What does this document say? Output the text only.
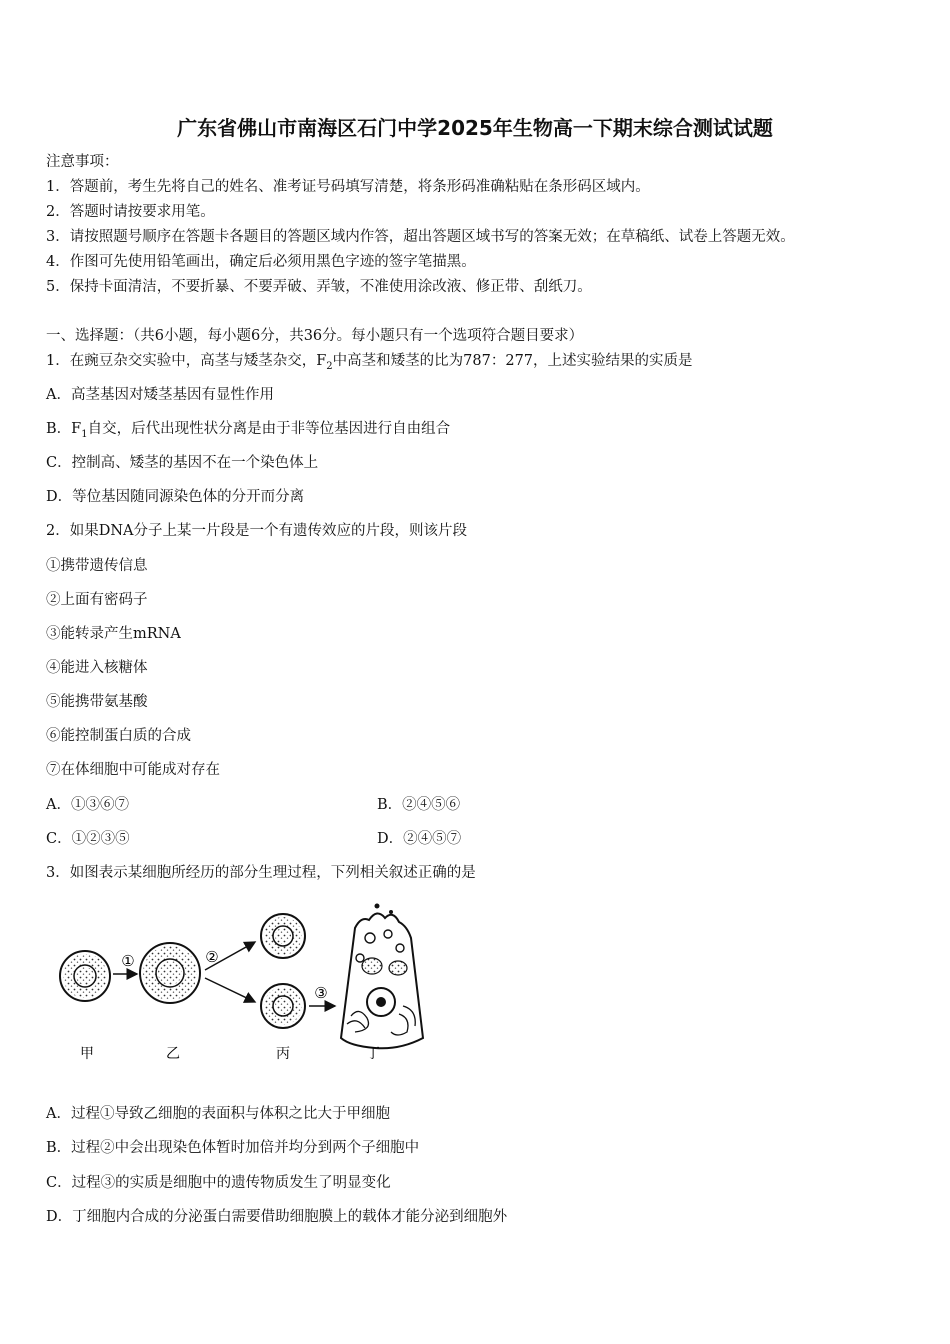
广东省佛山市南海区石门中学2025年生物高一下期末综合测试试题
注意事项：
1．答题前，考生先将自己的姓名、准考证号码填写清楚，将条形码准确粘贴在条形码区域内。
2．答题时请按要求用笔。
3．请按照题号顺序在答题卡各题目的答题区域内作答，超出答题区域书写的答案无效；在草稿纸、试卷上答题无效。
4．作图可先使用铅笔画出，确定后必须用黑色字迹的签字笔描黑。
5．保持卡面清洁，不要折暴、不要弄破、弄皱，不准使用涂改液、修正带、刮纸刀。
一、选择题：（共6小题，每小题6分，共36分。每小题只有一个选项符合题目要求）
1．在豌豆杂交实验中，高茎与矮茎杂交，$F_2$中高茎和矮茎的比为787：277，上述实验结果的实质是
A．高茎基因对矮茎基因有显性作用
B．$F_1$自交，后代出现性状分离是由于非等位基因进行自由组合
C．控制高、矮茎的基因不在一个染色体上
D．等位基因随同源染色体的分开而分离
2．如果DNA分子上某一片段是一个有遗传效应的片段，则该片段
①携带遗传信息
②上面有密码子
③能转录产生mRNA
④能进入核糖体
⑤能携带氨基酸
⑥能控制蛋白质的合成
⑦在体细胞中可能成对存在
A．①③⑥⑦	B．②④⑤⑥
C．①②③⑤	D．②④⑤⑦
3．如图表示某细胞所经历的部分生理过程，下列相关叙述正确的是
①	②
③
甲	乙	丙	丁
A．过程①导致乙细胞的表面积与体积之比大于甲细胞
B．过程②中会出现染色体暂时加倍并均分到两个子细胞中
C．过程③的实质是细胞中的遗传物质发生了明显变化
D．丁细胞内合成的分泌蛋白需要借助细胞膜上的载体才能分泌到细胞外
